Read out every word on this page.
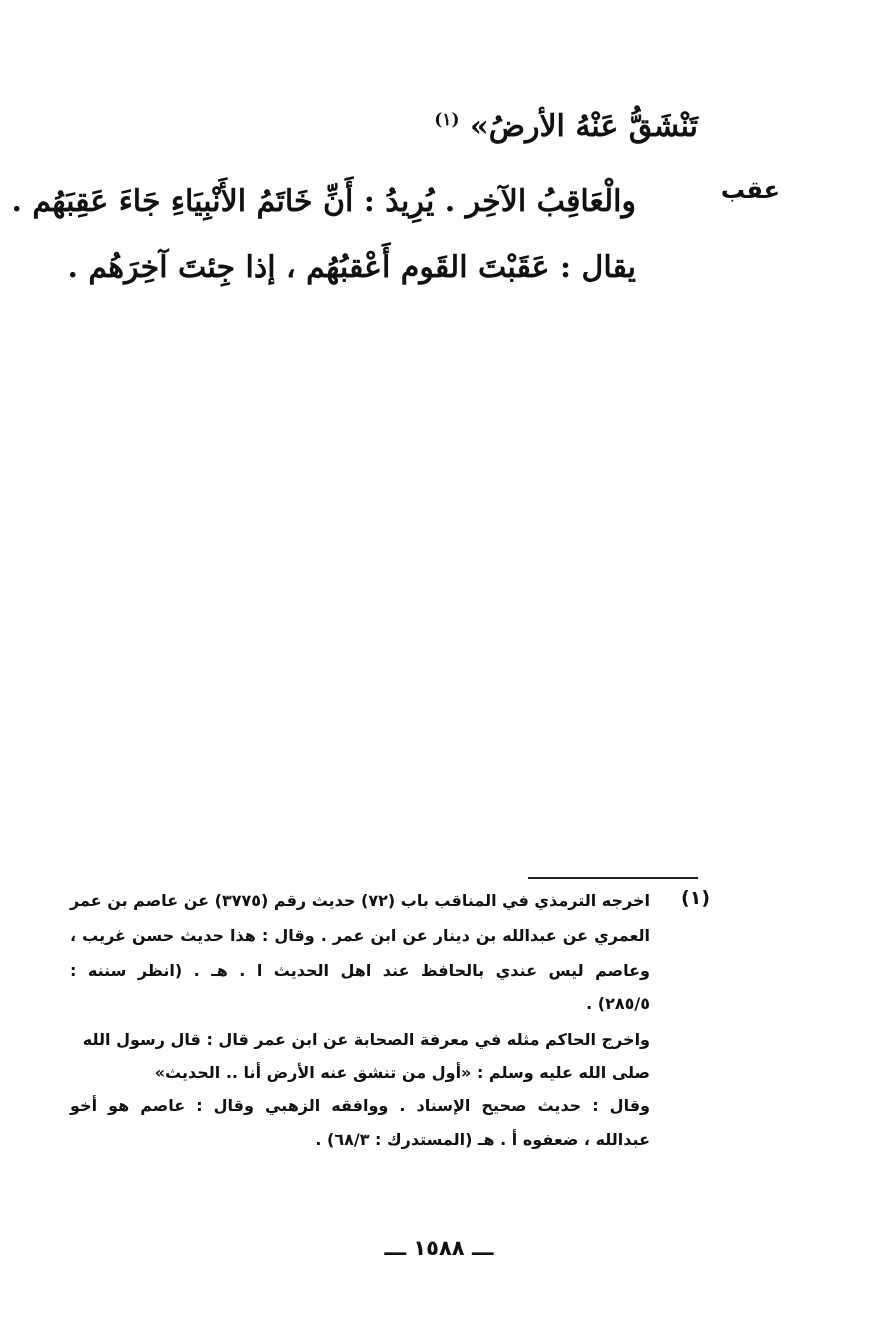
تَنْشَقُّ عَنْهُ الأرضُ» $^{(١)}$
عقب
والْعَاقِبُ الآخِر . يُرِيدُ : أَنِّ خَاتَمُ الأَنْبِيَاءِ جَاءَ عَقِبَهُم .
يقال : عَقَبْتَ القَوم أَعْقبُهُم ، إذا جِئتَ آخِرَهُم .
(١)
اخرجه الترمذي في المناقب باب (٧٢) حديث رقم (٣٧٧٥) عن عاصم بن عمر
العمري عن عبدالله بن دينار عن ابن عمر . وقال : هذا حديث حسن غريب ،
وعاصم ليس عندي بالحافظ عند اهل الحديث ا . هـ . (انظر سننه :
٢٨٥/٥) .
واخرج الحاكم مثله في معرفة الصحابة عن ابن عمر قال : قال رسول الله
صلى الله عليه وسلم : «أول من تنشق عنه الأرض أنا .. الحديث»
وقال : حديث صحيح الإسناد . ووافقه الزهبي وقال : عاصم هو أخو
عبدالله ، ضعفوه أ . هـ (المستدرك : ٦٨/٣) .
ـــ ١٥٨٨ ـــ
